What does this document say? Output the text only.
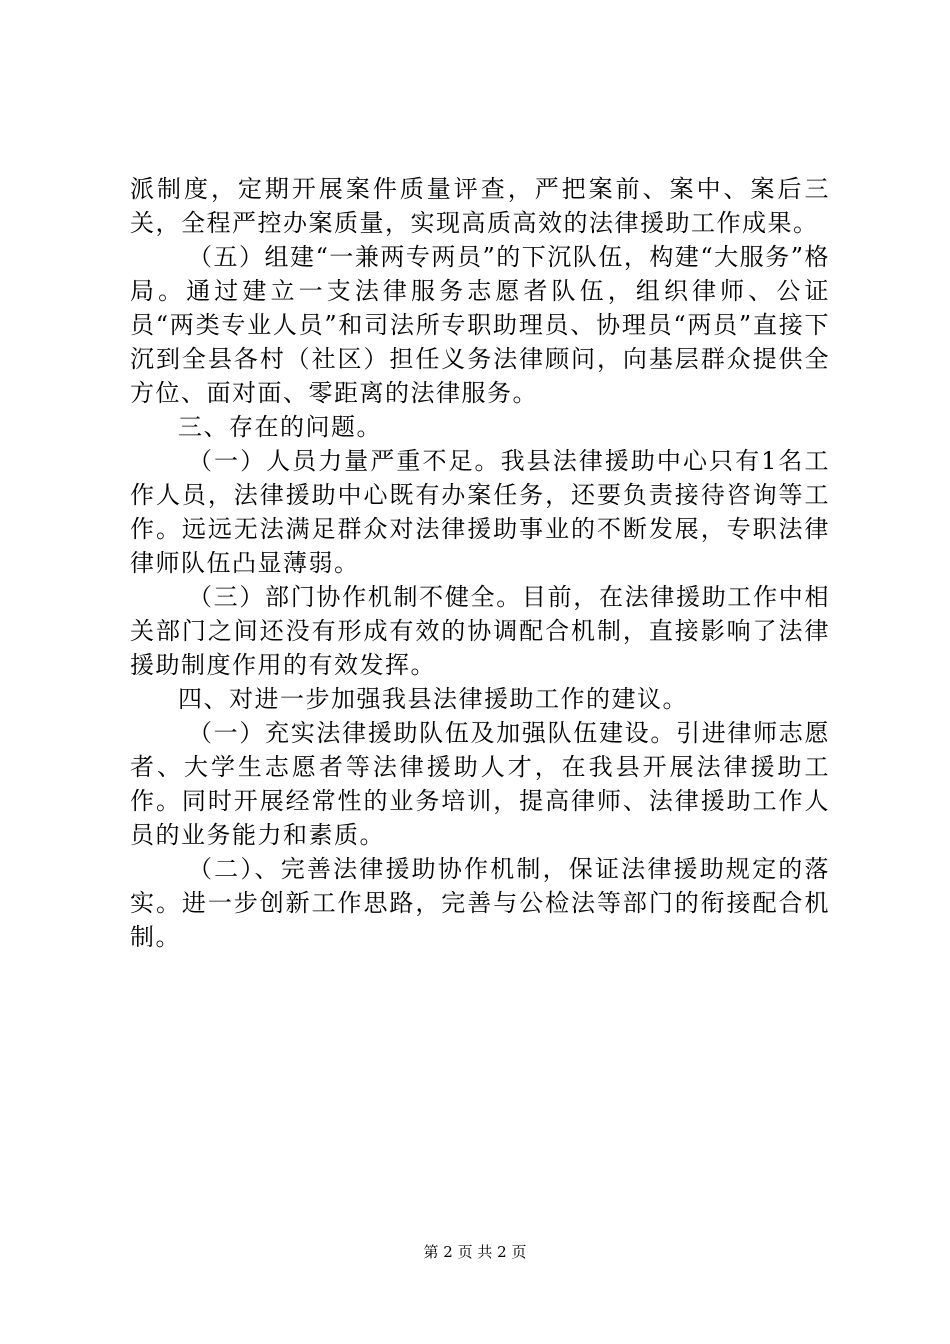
派制度，定期开展案件质量评查，严把案前、案中、案后三关，全程严控办案质量，实现高质高效的法律援助工作成果。

（五）组建“一兼两专两员”的下沉队伍，构建“大服务”格局。通过建立一支法律服务志愿者队伍，组织律师、公证员“两类专业人员”和司法所专职助理员、协理员“两员”直接下沉到全县各村（社区）担任义务法律顾问，向基层群众提供全方位、面对面、零距离的法律服务。

三、存在的问题。

（一）人员力量严重不足。我县法律援助中心只有1名工作人员，法律援助中心既有办案任务，还要负责接待咨询等工作。远远无法满足群众对法律援助事业的不断发展，专职法律律师队伍凸显薄弱。

（三）部门协作机制不健全。目前，在法律援助工作中相关部门之间还没有形成有效的协调配合机制，直接影响了法律援助制度作用的有效发挥。

四、对进一步加强我县法律援助工作的建议。

（一）充实法律援助队伍及加强队伍建设。引进律师志愿者、大学生志愿者等法律援助人才，在我县开展法律援助工作。同时开展经常性的业务培训，提高律师、法律援助工作人员的业务能力和素质。

（二）、完善法律援助协作机制，保证法律援助规定的落实。进一步创新工作思路，完善与公检法等部门的衔接配合机制。

第 2 页 共 2 页
